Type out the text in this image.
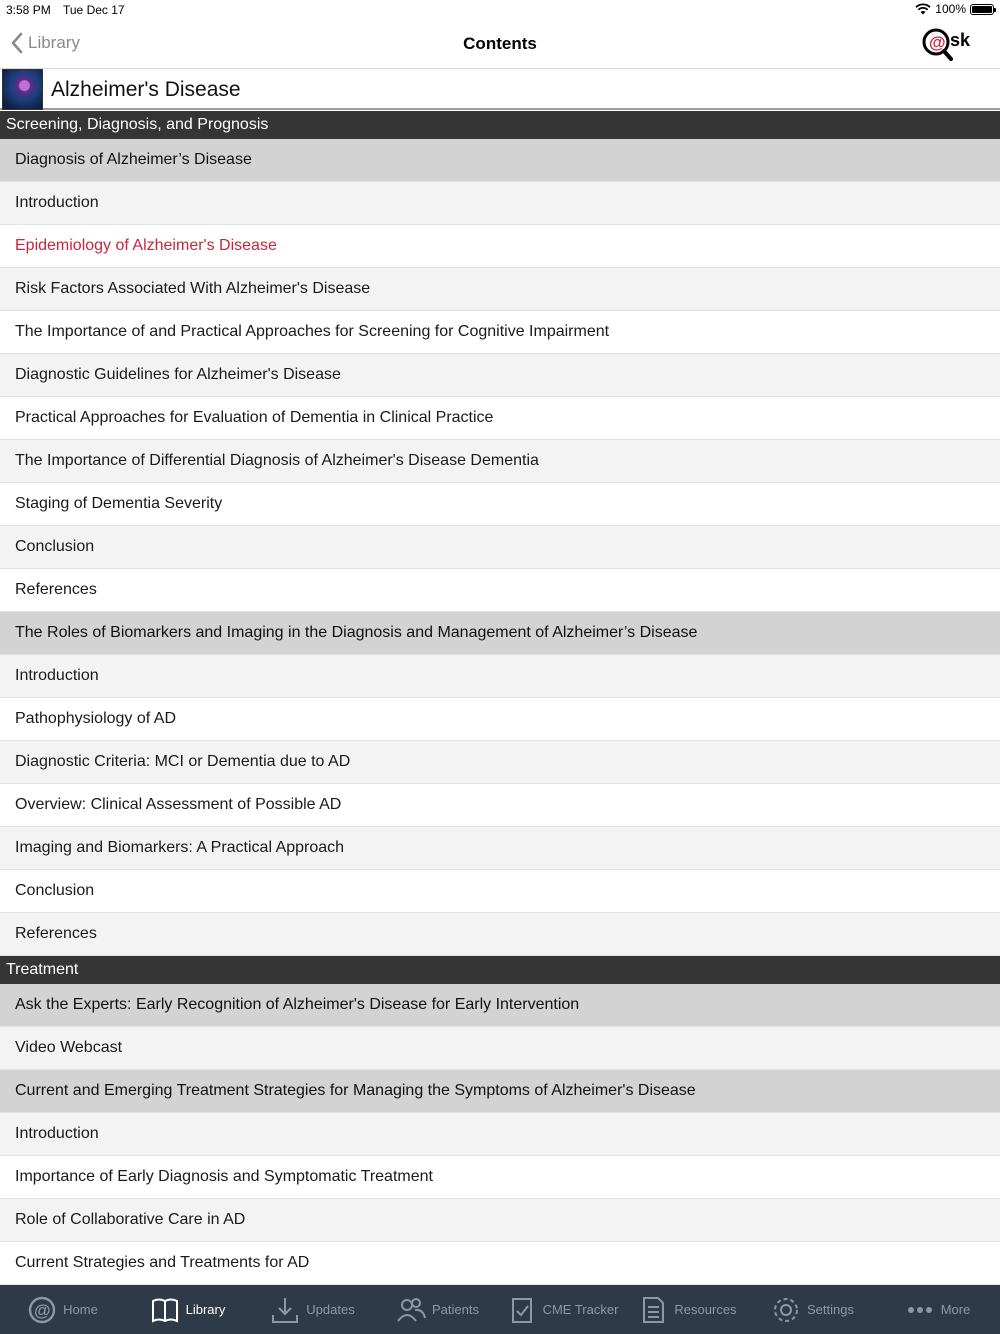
3:58 PM Tue Dec 17	100%
Library	Contents	@ sk
Alzheimer's Disease
Screening, Diagnosis, and Prognosis
Diagnosis of Alzheimer’s Disease
Introduction
Epidemiology of Alzheimer's Disease
Risk Factors Associated With Alzheimer's Disease
The Importance of and Practical Approaches for Screening for Cognitive Impairment
Diagnostic Guidelines for Alzheimer's Disease
Practical Approaches for Evaluation of Dementia in Clinical Practice
The Importance of Differential Diagnosis of Alzheimer's Disease Dementia
Staging of Dementia Severity
Conclusion
References
The Roles of Biomarkers and Imaging in the Diagnosis and Management of Alzheimer’s Disease
Introduction
Pathophysiology of AD
Diagnostic Criteria: MCI or Dementia due to AD
Overview: Clinical Assessment of Possible AD
Imaging and Biomarkers: A Practical Approach
Conclusion
References
Treatment
Ask the Experts: Early Recognition of Alzheimer's Disease for Early Intervention
Video Webcast
Current and Emerging Treatment Strategies for Managing the Symptoms of Alzheimer's Disease
Introduction
Importance of Early Diagnosis and Symptomatic Treatment
Role of Collaborative Care in AD
Current Strategies and Treatments for AD
@ Home	Library	Updates	Patients	CME Tracker	Resources	Settings	More
